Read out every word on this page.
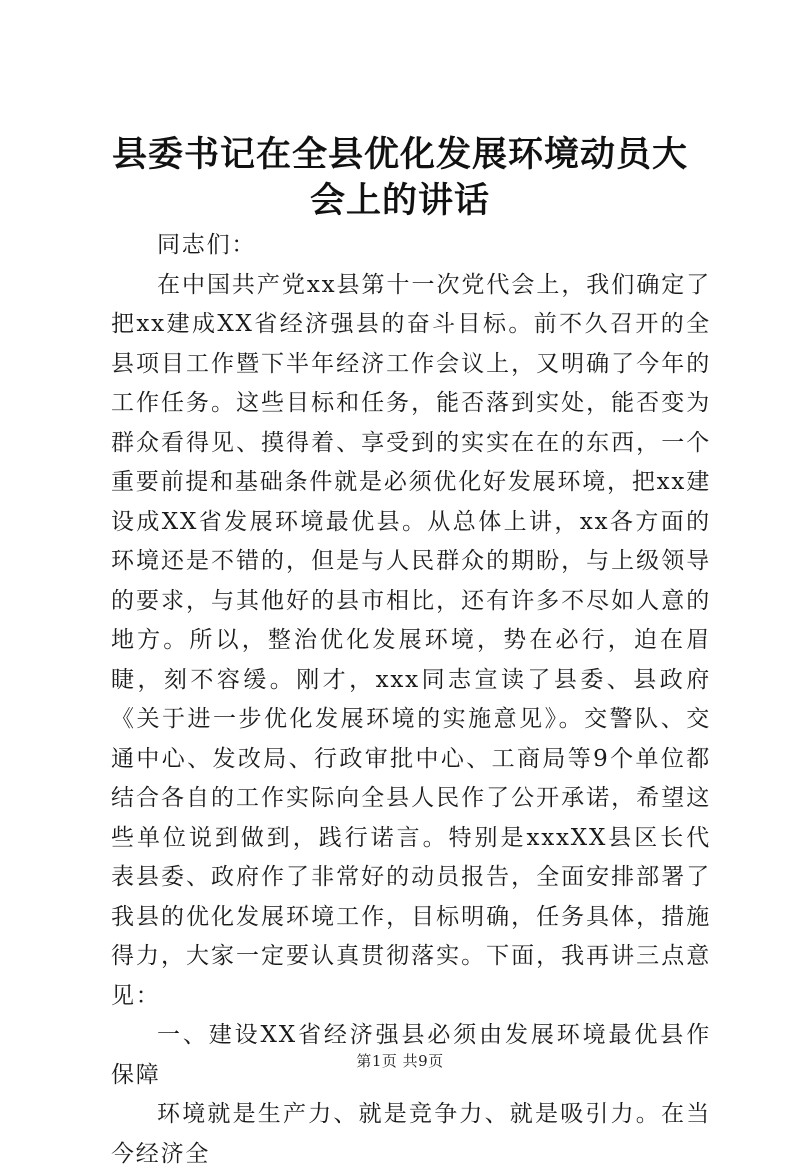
县委书记在全县优化发展环境动员大会上的讲话

同志们：

在中国共产党xx县第十一次党代会上，我们确定了把xx建成XX省经济强县的奋斗目标。前不久召开的全县项目工作暨下半年经济工作会议上，又明确了今年的工作任务。这些目标和任务，能否落到实处，能否变为群众看得见、摸得着、享受到的实实在在的东西，一个重要前提和基础条件就是必须优化好发展环境，把xx建设成XX省发展环境最优县。从总体上讲，xx各方面的环境还是不错的，但是与人民群众的期盼，与上级领导的要求，与其他好的县市相比，还有许多不尽如人意的地方。所以，整治优化发展环境，势在必行，迫在眉睫，刻不容缓。刚才，xxx同志宣读了县委、县政府《关于进一步优化发展环境的实施意见》。交警队、交通中心、发改局、行政审批中心、工商局等9个单位都结合各自的工作实际向全县人民作了公开承诺，希望这些单位说到做到，践行诺言。特别是xxxXX县区长代表县委、政府作了非常好的动员报告，全面安排部署了我县的优化发展环境工作，目标明确，任务具体，措施得力，大家一定要认真贯彻落实。下面，我再讲三点意见：

一、建设XX省经济强县必须由发展环境最优县作保障

环境就是生产力、就是竞争力、就是吸引力。在当今经济全

第1页 共9页
